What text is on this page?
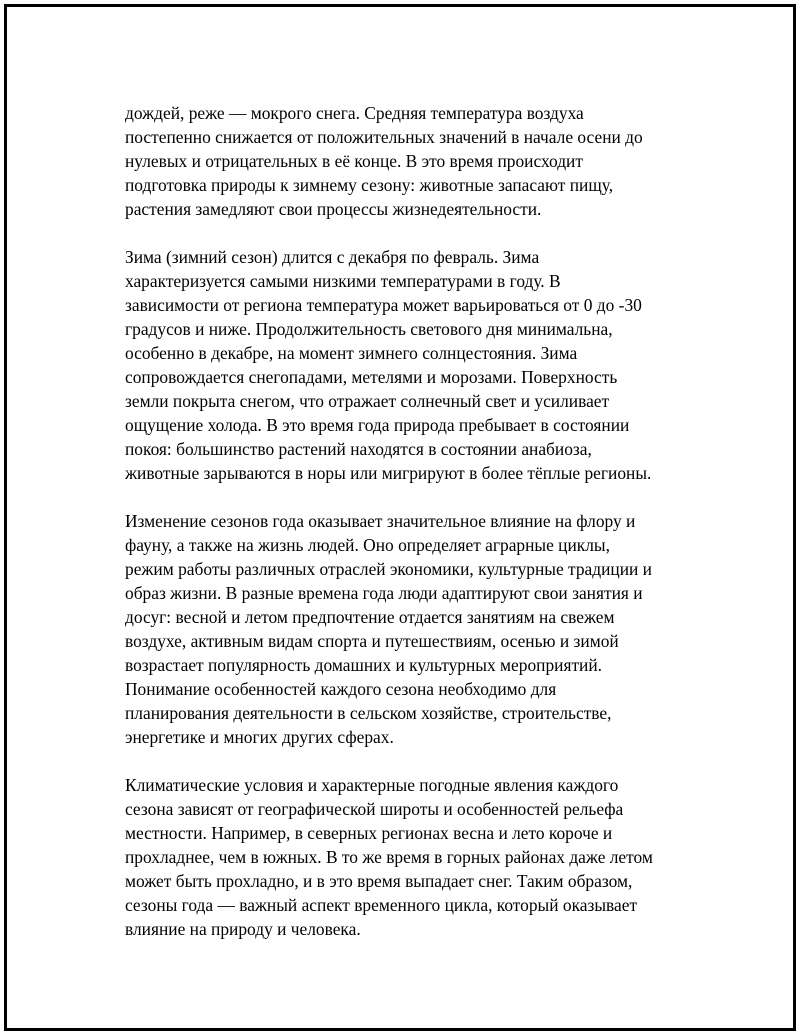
дождей, реже — мокрого снега. Средняя температура воздуха
постепенно снижается от положительных значений в начале осени до
нулевых и отрицательных в её конце. В это время происходит
подготовка природы к зимнему сезону: животные запасают пищу,
растения замедляют свои процессы жизнедеятельности.

Зима (зимний сезон) длится с декабря по февраль. Зима
характеризуется самыми низкими температурами в году. В
зависимости от региона температура может варьироваться от 0 до -30
градусов и ниже. Продолжительность светового дня минимальна,
особенно в декабре, на момент зимнего солнцестояния. Зима
сопровождается снегопадами, метелями и морозами. Поверхность
земли покрыта снегом, что отражает солнечный свет и усиливает
ощущение холода. В это время года природа пребывает в состоянии
покоя: большинство растений находятся в состоянии анабиоза,
животные зарываются в норы или мигрируют в более тёплые регионы.

Изменение сезонов года оказывает значительное влияние на флору и
фауну, а также на жизнь людей. Оно определяет аграрные циклы,
режим работы различных отраслей экономики, культурные традиции и
образ жизни. В разные времена года люди адаптируют свои занятия и
досуг: весной и летом предпочтение отдается занятиям на свежем
воздухе, активным видам спорта и путешествиям, осенью и зимой
возрастает популярность домашних и культурных мероприятий.
Понимание особенностей каждого сезона необходимо для
планирования деятельности в сельском хозяйстве, строительстве,
энергетике и многих других сферах.

Климатические условия и характерные погодные явления каждого
сезона зависят от географической широты и особенностей рельефа
местности. Например, в северных регионах весна и лето короче и
прохладнее, чем в южных. В то же время в горных районах даже летом
может быть прохладно, и в это время выпадает снег. Таким образом,
сезоны года — важный аспект временного цикла, который оказывает
влияние на природу и человека.
